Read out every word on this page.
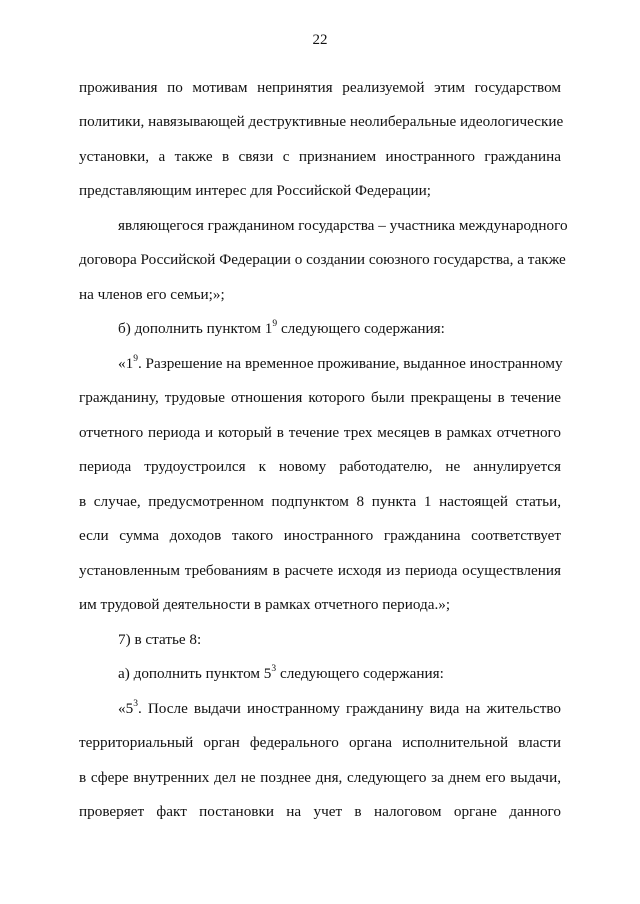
22
проживания по мотивам непринятия реализуемой этим государством
политики, навязывающей деструктивные неолиберальные идеологические
установки, а также в связи с признанием иностранного гражданина
представляющим интерес для Российской Федерации;
являющегося гражданином государства – участника международного
договора Российской Федерации о создании союзного государства, а также
на членов его семьи;»;
б) дополнить пунктом $1^9$ следующего содержания:
«$1^9$. Разрешение на временное проживание, выданное иностранному
гражданину, трудовые отношения которого были прекращены в течение
отчетного периода и который в течение трех месяцев в рамках отчетного
периода трудоустроился к новому работодателю, не аннулируется
в случае, предусмотренном подпунктом 8 пункта 1 настоящей статьи,
если сумма доходов такого иностранного гражданина соответствует
установленным требованиям в расчете исходя из периода осуществления
им трудовой деятельности в рамках отчетного периода.»;
7) в статье 8:
а) дополнить пунктом $5^3$ следующего содержания:
«$5^3$. После выдачи иностранному гражданину вида на жительство
территориальный орган федерального органа исполнительной власти
в сфере внутренних дел не позднее дня, следующего за днем его выдачи,
проверяет факт постановки на учет в налоговом органе данного
